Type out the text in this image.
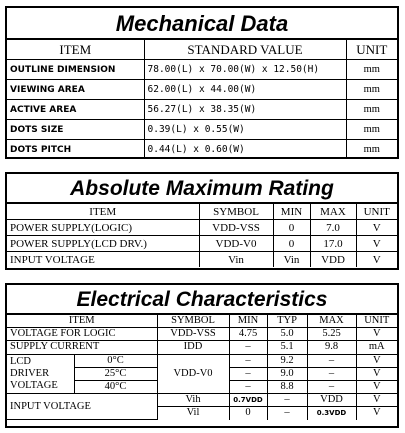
Mechanical Data
ITEM	STANDARD VALUE	UNIT
OUTLINE DIMENSION	78.00(L) x 70.00(W) x 12.50(H)	mm
VIEWING AREA	62.00(L) x 44.00(W)	mm
ACTIVE AREA	56.27(L) x 38.35(W)	mm
DOTS SIZE	0.39(L) x 0.55(W)	mm
DOTS PITCH	0.44(L) x 0.60(W)	mm
Absolute Maximum Rating
ITEM	SYMBOL	MIN	MAX	UNIT
POWER SUPPLY(LOGIC)	VDD-VSS	0	7.0	V
POWER SUPPLY(LCD DRV.)	VDD-V0	0	17.0	V
INPUT VOLTAGE	Vin	Vin	VDD	V
Electrical Characteristics
ITEM		SYMBOL	MIN	TYP	MAX	UNIT
VOLTAGE FOR LOGIC		VDD-VSS	4.75	5.0	5.25	V
SUPPLY CURRENT		IDD	–	5.1	9.8	mA
LCD DRIVER VOLTAGE	0°C	VDD-V0	–	9.2	–	V
	25°C		–	9.0	–	V
	40°C		–	8.8	–	V
INPUT VOLTAGE		Vih	0.7VDD	–	VDD	V
		Vil	0	–	0.3VDD	V
